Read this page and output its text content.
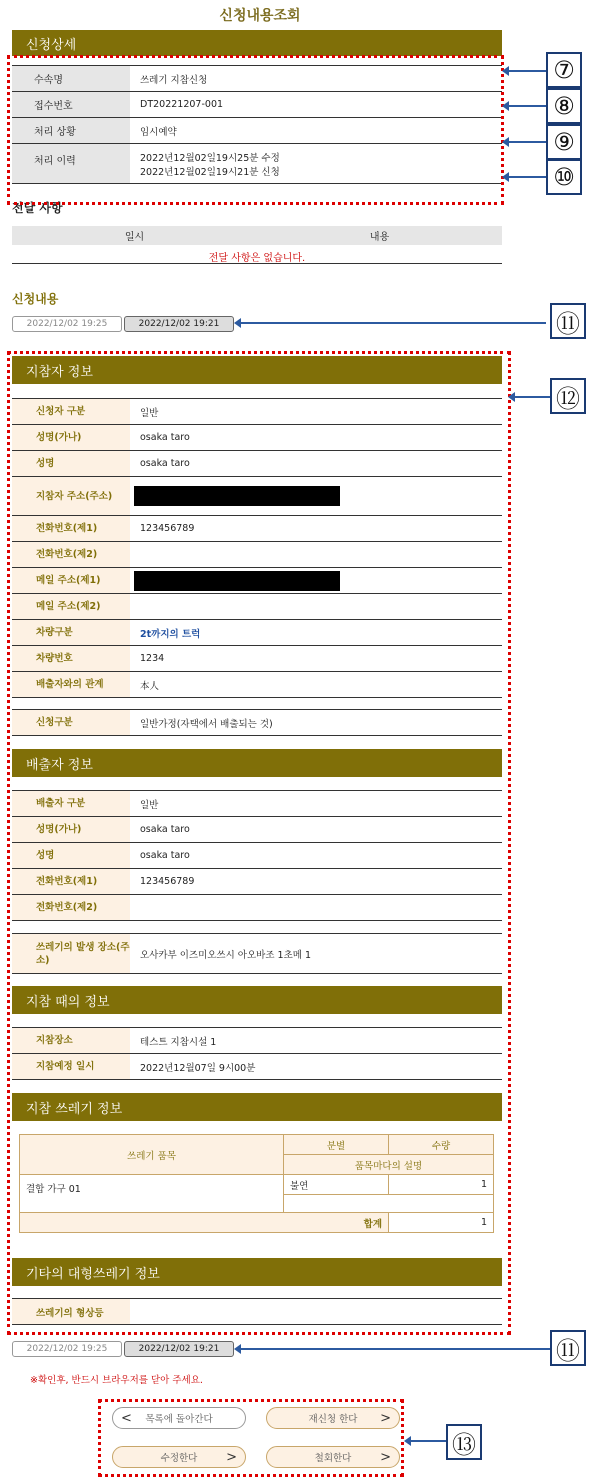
신청내용조회
신청상세
수속명	쓰레기 지참신청
접수번호	DT20221207-001
처리 상황	임시예약
처리 이력	2022년12월02일19시25분 수정
2022년12월02일19시21분 신청
전달 사항
일시	내용
전달 사항은 없습니다.
신청내용
2022/12/02 19:25	2022/12/02 19:21
지참자 정보
신청자 구분	일반
성명(가나)	osaka taro
성명	osaka taro
지참자 주소(주소)
전화번호(제1)	123456789
전화번호(제2)
메일 주소(제1)
메일 주소(제2)
차량구분	2t까지의 트럭
차량번호	1234
배출자와의 관계	本人
신청구분	일반가정(자택에서 배출되는 것)
배출자 정보
배출자 구분	일반
성명(가나)	osaka taro
성명	osaka taro
전화번호(제1)	123456789
전화번호(제2)
쓰레기의 발생 장소(주소)	오사카부 이즈미오쓰시 아오바조 1초메 1
지참 때의 정보
지참장소	테스트 지참시설 1
지참예정 일시	2022년12월07일 9시00분
지참 쓰레기 정보
쓰레기 품목	분별	수량
	품목마다의 설명	
결합 가구 01	불연	1

합계		1
기타의 대형쓰레기 정보
쓰레기의 형상등
2022/12/02 19:25	2022/12/02 19:21
※확인후, 반드시 브라우저를 닫아 주세요.
< 목록에 돌아간다	재신청 한다 >
수정한다 >	철회한다 >
⑦
⑧
⑨
⑩
⑪
⑫
⑪
⑬
